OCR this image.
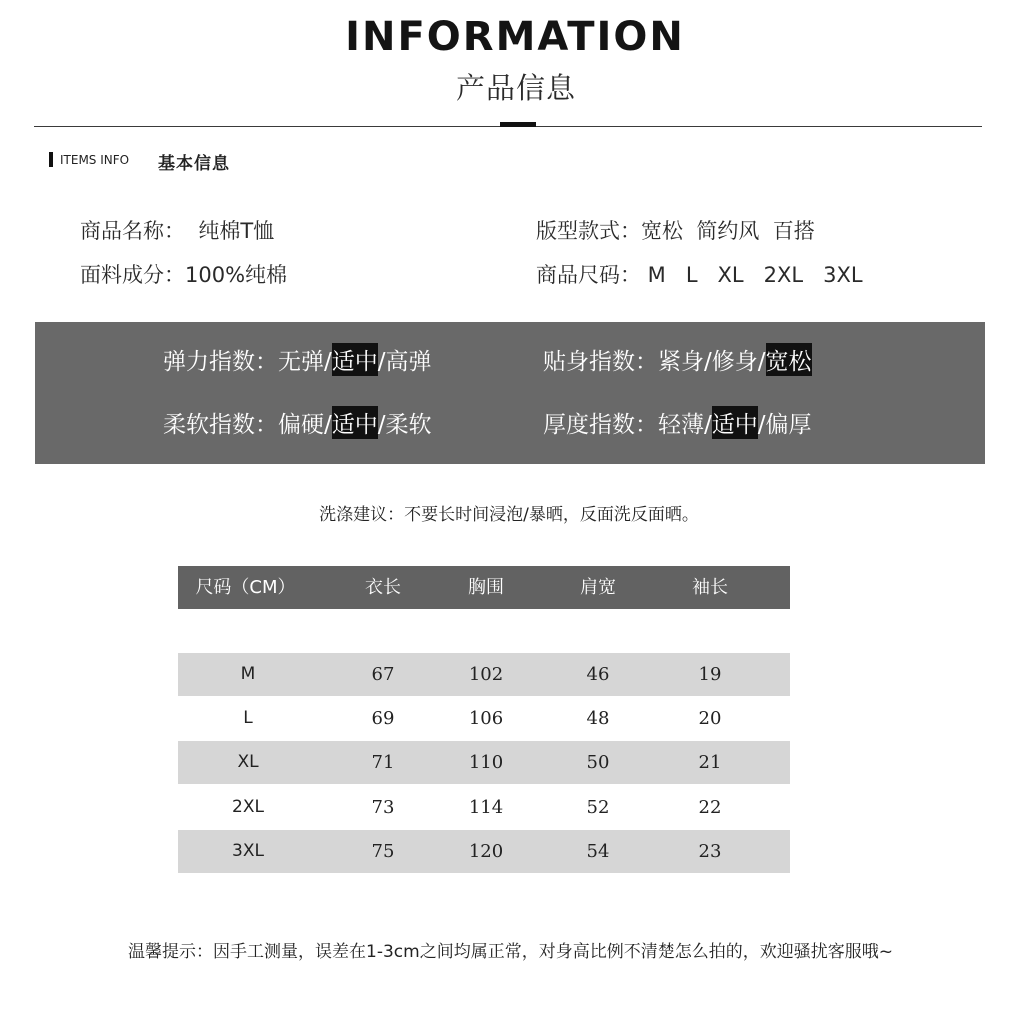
INFORMATION
产品信息
ITEMS INFO 基本信息
商品名称：  纯棉T恤
面料成分：100%纯棉
版型款式：宽松  简约风  百搭
商品尺码： M   L   XL   2XL   3XL
弹力指数：无弹/适中/高弹	贴身指数：紧身/修身/宽松
柔软指数：偏硬/适中/柔软	厚度指数：轻薄/适中/偏厚
洗涤建议：不要长时间浸泡/暴晒，反面洗反面晒。
尺码（CM）	衣长	胸围	肩宽	袖长
M	67	102	46	19
L	69	106	48	20
XL	71	110	50	21
2XL	73	114	52	22
3XL	75	120	54	23
温馨提示：因手工测量，误差在1-3cm之间均属正常，对身高比例不清楚怎么拍的，欢迎骚扰客服哦~
